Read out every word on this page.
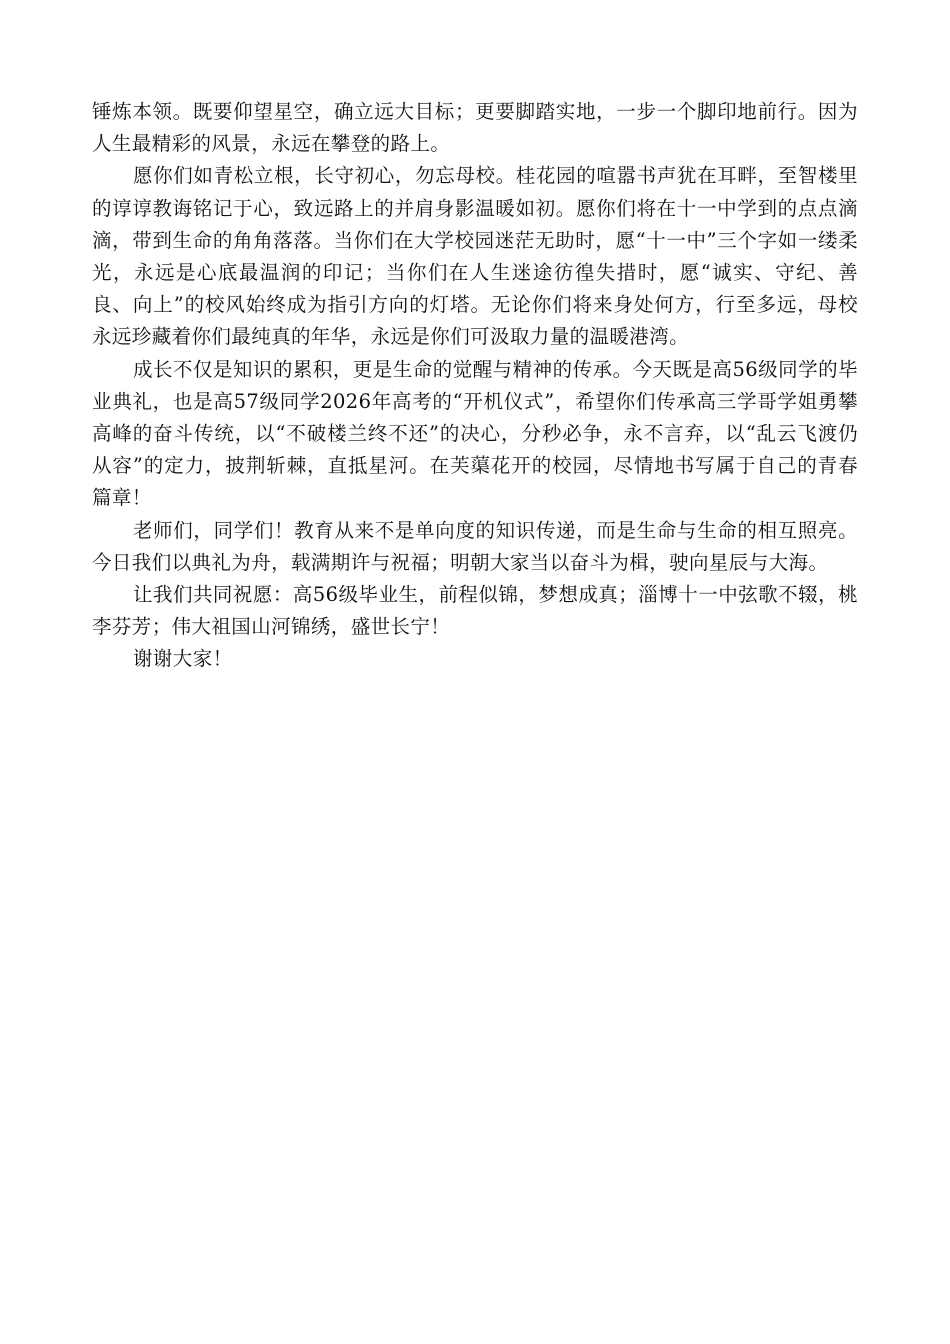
锤炼本领。既要仰望星空，确立远大目标；更要脚踏实地，一步一个脚印地前行。因为人生最精彩的风景，永远在攀登的路上。

愿你们如青松立根，长守初心，勿忘母校。桂花园的喧嚣书声犹在耳畔，至智楼里的谆谆教诲铭记于心，致远路上的并肩身影温暖如初。愿你们将在十一中学到的点点滴滴，带到生命的角角落落。当你们在大学校园迷茫无助时，愿“十一中”三个字如一缕柔光，永远是心底最温润的印记；当你们在人生迷途彷徨失措时，愿“诚实、守纪、善良、向上”的校风始终成为指引方向的灯塔。无论你们将来身处何方，行至多远，母校永远珍藏着你们最纯真的年华，永远是你们可汲取力量的温暖港湾。

成长不仅是知识的累积，更是生命的觉醒与精神的传承。今天既是高56级同学的毕业典礼，也是高57级同学2026年高考的“开机仪式”，希望你们传承高三学哥学姐勇攀高峰的奋斗传统，以“不破楼兰终不还”的决心，分秒必争，永不言弃，以“乱云飞渡仍从容”的定力，披荆斩棘，直抵星河。在芙蕖花开的校园，尽情地书写属于自己的青春篇章！

老师们，同学们！教育从来不是单向度的知识传递，而是生命与生命的相互照亮。今日我们以典礼为舟，载满期许与祝福；明朝大家当以奋斗为楫，驶向星辰与大海。

让我们共同祝愿：高56级毕业生，前程似锦，梦想成真；淄博十一中弦歌不辍，桃李芬芳；伟大祖国山河锦绣，盛世长宁！

谢谢大家！
